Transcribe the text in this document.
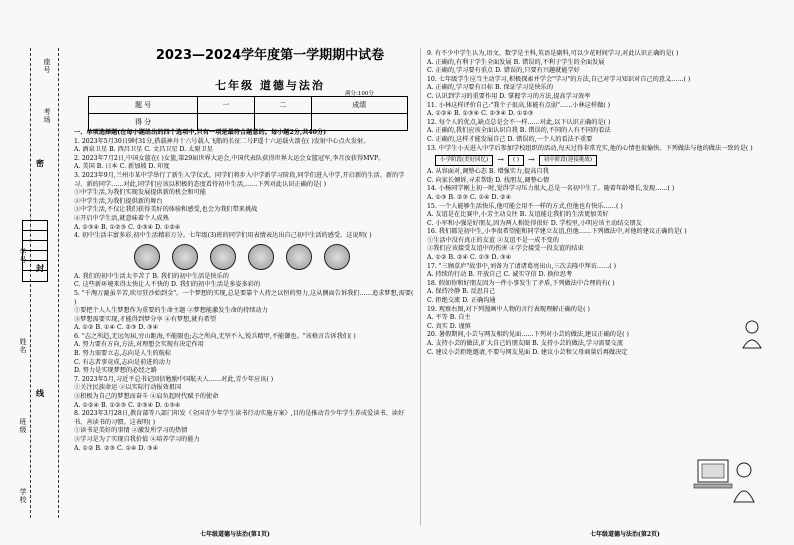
座号
考场
学号
姓名
班级
学校
密
封
线
2023—2024学年度第一学期期中试卷
七年级 道德与法治
满分:100分
题 号	一	二	成绩
得 分			

一、单项选择题(在每小题给出的四个选项中,只有一项是最符合题意的。每小题2分,共40分)

1. 2023年5月30日9时31分,搭载神舟十六号载人飞船的长征二号F遥十六运载火箭在( )发射中心点火发射。

A. 酒泉卫星 B. 西昌卫星 C. 文昌卫星 D. 太原卫星

2. 2023年7月2日,中国女篮在( )女篮,第29届世界大运会,中国代表队获得世界大运会女篮冠军,李月汝获得MVP。

A. 美国 B. 日本 C. 新加坡 D. 印度

3. 2023年9月,兰州市某中学举行了新生入学仪式。同学们将步入中学新学习阶段,同学们进入中学,开启新的生活、新的学习、新的同学……对此,同学们应该以积极的态度看待初中生活,……下列对此认识正确的是( )

①中学生活,为我们实现发展提供新的机会和可能

②中学生活,为我们提供新的舞台

③中学生活,不仅让我们获得美好的体验和感受,也会为我们带来挑战

④开启中学生活,就意味着个人成熟

A. ①③④ B. ①②③ C. ②③④ D. ①②④

4. 初中生活丰富多彩,初中生活精彩万分。七年级(3)班的同学们用表情表达出自己初中生活的感受。这说明( )

A. 我们的初中生活太辛苦了 B. 我们的初中生活是快乐的

C. 这些新环境来得太快让人不快的 D. 我们的初中生活是多姿多彩的

5. "千淘万漉虽辛苦,吹尽狂沙始到金"。一个梦想的实现,总是要靠个人持之以恒的努力,这从侧面告诉我们……追求梦想,需要( )

①要把个人人生梦想作为重要的生命主题 ②梦想能激发生命的持续动力

③梦想需要实现,才能得到梦分享 ④有梦想,就有希望

A. ①② B. ①④ C. ②③ D. ③④

6. "志之所趋,无远勿届,穷山距海,不能限也;志之所向,无坚不入,锐兵精甲,不能御也。"该格言告诉我们( )

A. 努力要有方向,方法,对理想会实现有决定作用

B. 努力需要立志,志向是人生的航标

C. 有志者事竟成,志向是前进的动力

D. 努力是实现梦想的必经之路

7. 2023年5月,习近平总书记回信勉励中国航天人……对此,青少年应该( )

①关注民族命运 ②以实际行动报效祖国

③积极为自己的梦想而奋斗 ④肩负起时代赋予的使命

A. ①②④ B. ①②③ C. ②③④ D. ①③④

8. 2023年3月28日,教育部等八部门印发《全国青少年学生读书行动实施方案》,目的是推动青少年学生养成爱读书、读好书、善读书的习惯。这表明( )

①读书是美好的事情 ②激发所学习的热情

③学习是为了实现自我价值 ④培养学习的能力

A. ①② B. ②③ C. ①④ D. ③④

9. 有不少中学生认为,语文、数学是主科,英语是副科,可以少花时间学习,对此认识正确的是( )

A. 正确的,有利于学生全面发展 B. 错误的,不利于学生的全面发展

C. 正确的,学习要有重点 D. 错误的,只要有兴趣就能学好

10. 七年级学生应当主动学习,积极探索并学会"学习"的方法,自己对学习知识对自己的意义……( )

A. 正确的,学习要有目标 B. 保证学习是快乐的

C. 认识到学习的重要作用 D. 掌握学习的方法,提高学习效率

11. 小林这样评价自己:"我个子很高,体能有点弱"……小林这样做( )

A. ①②④ B. ①③④ C. ②③④ D. ①②③

12. 每个人的优点,缺点总是会不一样……对此,以下认识正确的是( )

A. 正确的,我们应该全面认识自我 B. 错误的,不同的人有不同的看法

C. 正确的,这样才能发展自己 D. 错误的,一个人的看法不重要

13. 中学生小天进入中学后参加学校组织的活动,每天过得非常充实,他的心情也很愉快。下列做法与他的做法一致的是( )

小学阶段(美好回忆)	→	( )	→	初中阶段(迎接挑战)

A. 从容面对,调整心态 B. 增强实力,提高自我

C. 向家长倾诉,寻求帮助 D. 找朋友,调整心情

14. 小杨同学刚上初一时,觉得学习压力很大,总是一名初中生了。随着年龄增长,发现……( )

A. ①③ B. ②③ C. ①④ D. ②④

15. 一个人能够生活快乐,他可能会用不一样的方式,但他也有快乐……( )

A. 友谊是在比赛中,小芳主动交往 B. 友谊能让我们的生活更加美好

C. 小军和小强是好朋友,因为两人相处得很好 D. 学校里,小明应该主动结交朋友

16. 我们都是初中生,小李很希望能和同学建立友谊,但他……下列做法中,对他的建议正确的是( )

①生活中没有真正的友谊 ②友谊不是一成不变的

③我们应该接受友谊中的伤害 ④学会接受一段友谊的结束

A. ①② B. ②④ C. ①③ D. ③④

17. "三顾草庐"故事中,刘备为了请诸葛亮出山,三次去隆中拜访……( )

A. 持续的行动 B. 开放自己 C. 诚实守信 D. 换位思考

18. 假如你和好朋友因为一件小事发生了矛盾,下列做法中合理的有( )

A. 保持冷静 B. 反思自己

C. 拒绝交流 D. 正确沟通

19. 观察右图,对下列漫画中人物的言行表现理解正确的是( )

A. 平等 B. 自主

C. 真实 D. 谨慎

20. 暑假期间,小芸与网友相约见面……下列对小芸的做法,建议正确的是( )

A. 支持小芸的做法,扩大自己的朋友圈 B. 支持小芸的做法,学习需要交流

C. 建议小芸拒绝邀请,不要与网友见面 D. 建议小芸和父母商量后再做决定

七年级道德与法治(第1页)	七年级道德与法治(第2页)
